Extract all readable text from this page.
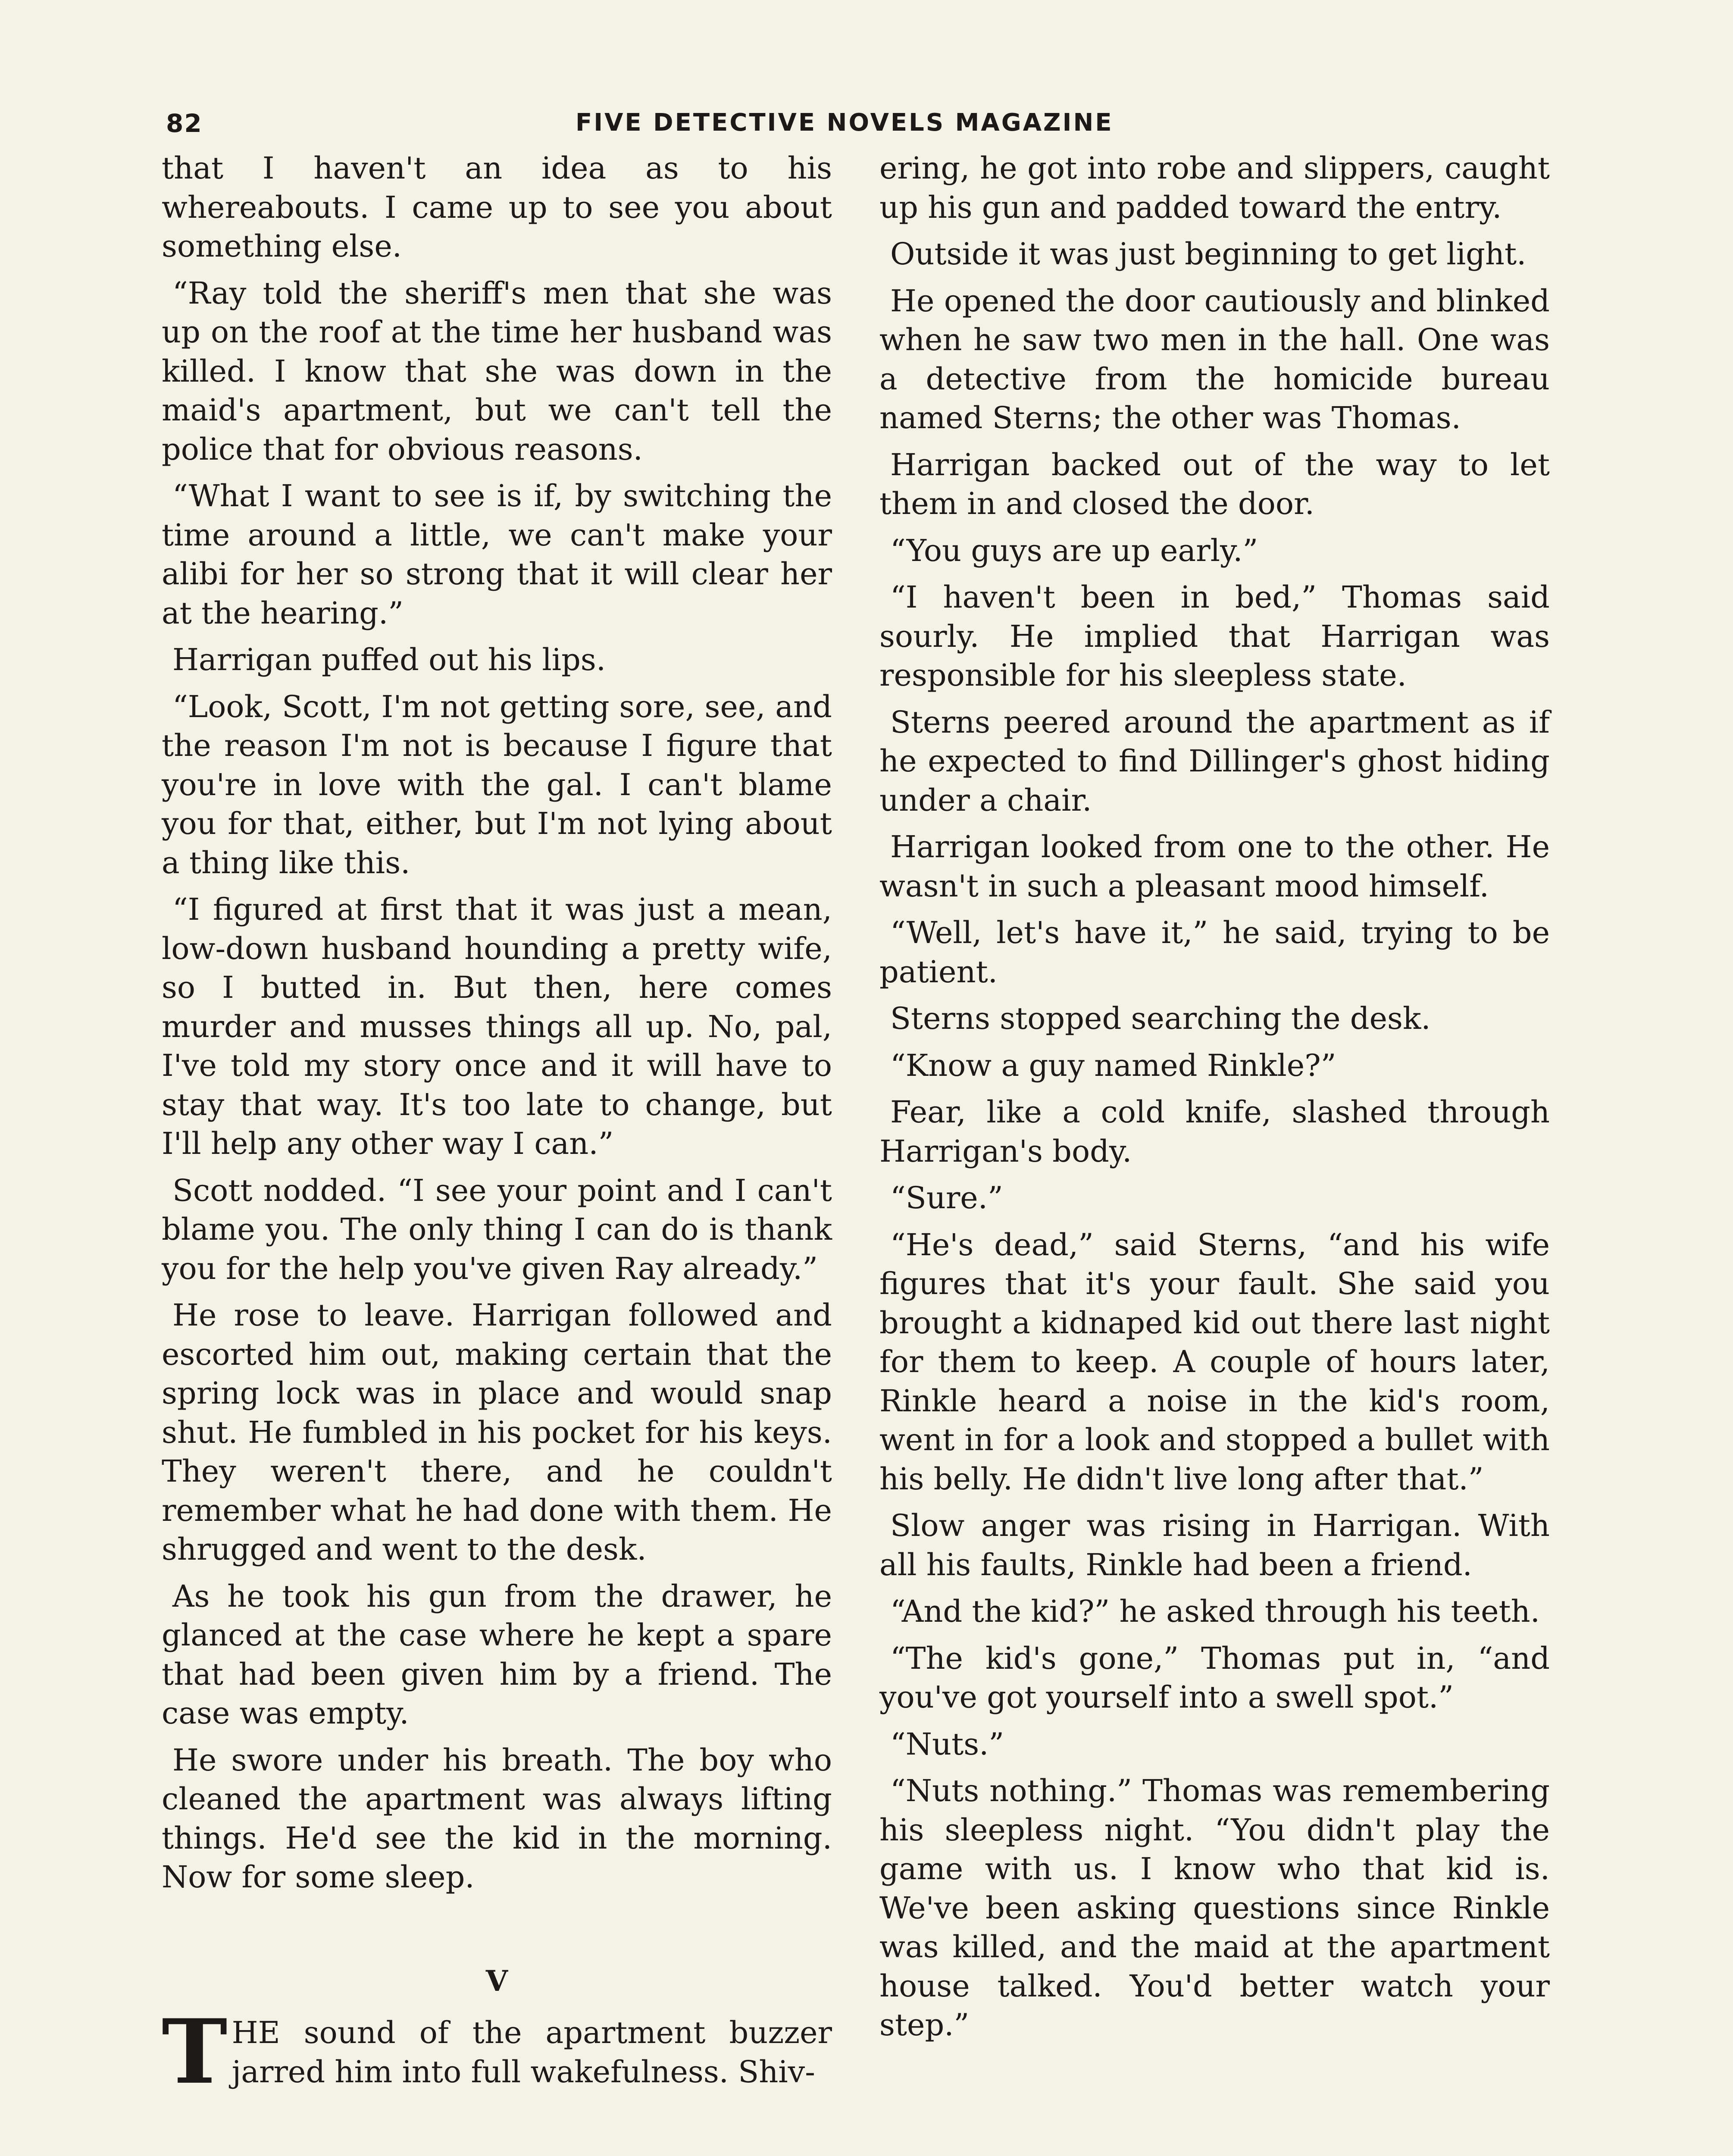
82	FIVE DETECTIVE NOVELS MAGAZINE

that I haven't an idea as to his whereabouts. I came up to see you about something else.

“Ray told the sheriff's men that she was up on the roof at the time her husband was killed. I know that she was down in the maid's apartment, but we can't tell the police that for obvious reasons.

“What I want to see is if, by switching the time around a little, we can't make your alibi for her so strong that it will clear her at the hearing.”

Harrigan puffed out his lips.

“Look, Scott, I'm not getting sore, see, and the reason I'm not is because I figure that you're in love with the gal. I can't blame you for that, either, but I'm not lying about a thing like this.

“I figured at first that it was just a mean, low-down husband hounding a pretty wife, so I butted in. But then, here comes murder and musses things all up. No, pal, I've told my story once and it will have to stay that way. It's too late to change, but I'll help any other way I can.”

Scott nodded. “I see your point and I can't blame you. The only thing I can do is thank you for the help you've given Ray already.”

He rose to leave. Harrigan followed and escorted him out, making certain that the spring lock was in place and would snap shut. He fumbled in his pocket for his keys. They weren't there, and he couldn't remember what he had done with them. He shrugged and went to the desk.

As he took his gun from the drawer, he glanced at the case where he kept a spare that had been given him by a friend. The case was empty.

He swore under his breath. The boy who cleaned the apartment was always lifting things. He'd see the kid in the morning. Now for some sleep.

V

THE sound of the apartment buzzer jarred him into full wakefulness. Shiv-

ering, he got into robe and slippers, caught up his gun and padded toward the entry.

Outside it was just beginning to get light.

He opened the door cautiously and blinked when he saw two men in the hall. One was a detective from the homicide bureau named Sterns; the other was Thomas.

Harrigan backed out of the way to let them in and closed the door.

“You guys are up early.”

“I haven't been in bed,” Thomas said sourly. He implied that Harrigan was responsible for his sleepless state.

Sterns peered around the apartment as if he expected to find Dillinger's ghost hiding under a chair.

Harrigan looked from one to the other. He wasn't in such a pleasant mood himself.

“Well, let's have it,” he said, trying to be patient.

Sterns stopped searching the desk.

“Know a guy named Rinkle?”

Fear, like a cold knife, slashed through Harrigan's body.

“Sure.”

“He's dead,” said Sterns, “and his wife figures that it's your fault. She said you brought a kidnaped kid out there last night for them to keep. A couple of hours later, Rinkle heard a noise in the kid's room, went in for a look and stopped a bullet with his belly. He didn't live long after that.”

Slow anger was rising in Harrigan. With all his faults, Rinkle had been a friend.

“And the kid?” he asked through his teeth.

“The kid's gone,” Thomas put in, “and you've got yourself into a swell spot.”

“Nuts.”

“Nuts nothing.” Thomas was remembering his sleepless night. “You didn't play the game with us. I know who that kid is. We've been asking questions since Rinkle was killed, and the maid at the apartment house talked. You'd better watch your step.”
